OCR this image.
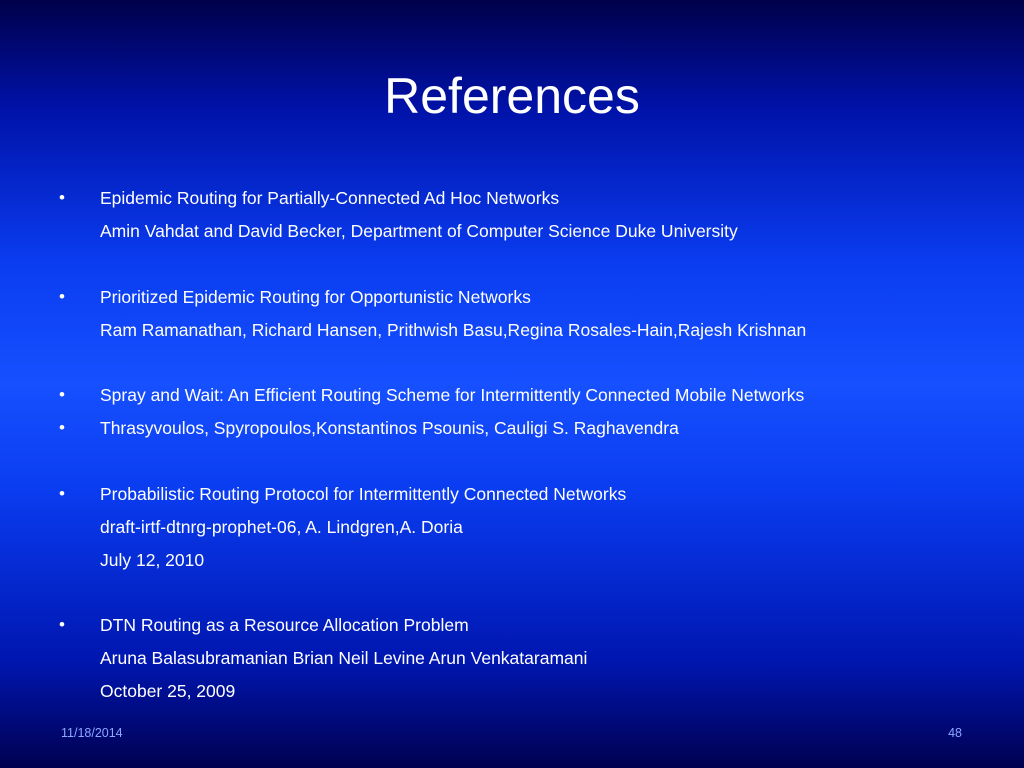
References
• Epidemic Routing for Partially-Connected Ad Hoc Networks
Amin Vahdat and David Becker, Department of Computer Science Duke University
• Prioritized Epidemic Routing for Opportunistic Networks
Ram Ramanathan, Richard Hansen, Prithwish Basu,Regina Rosales-Hain,Rajesh Krishnan
• Spray and Wait: An Efficient Routing Scheme for Intermittently Connected Mobile Networks
• Thrasyvoulos, Spyropoulos,Konstantinos Psounis, Cauligi S. Raghavendra
• Probabilistic Routing Protocol for Intermittently Connected Networks
draft-irtf-dtnrg-prophet-06, A. Lindgren,A. Doria
July 12, 2010
• DTN Routing as a Resource Allocation Problem
Aruna Balasubramanian Brian Neil Levine Arun Venkataramani
October 25, 2009
11/18/2014	48
